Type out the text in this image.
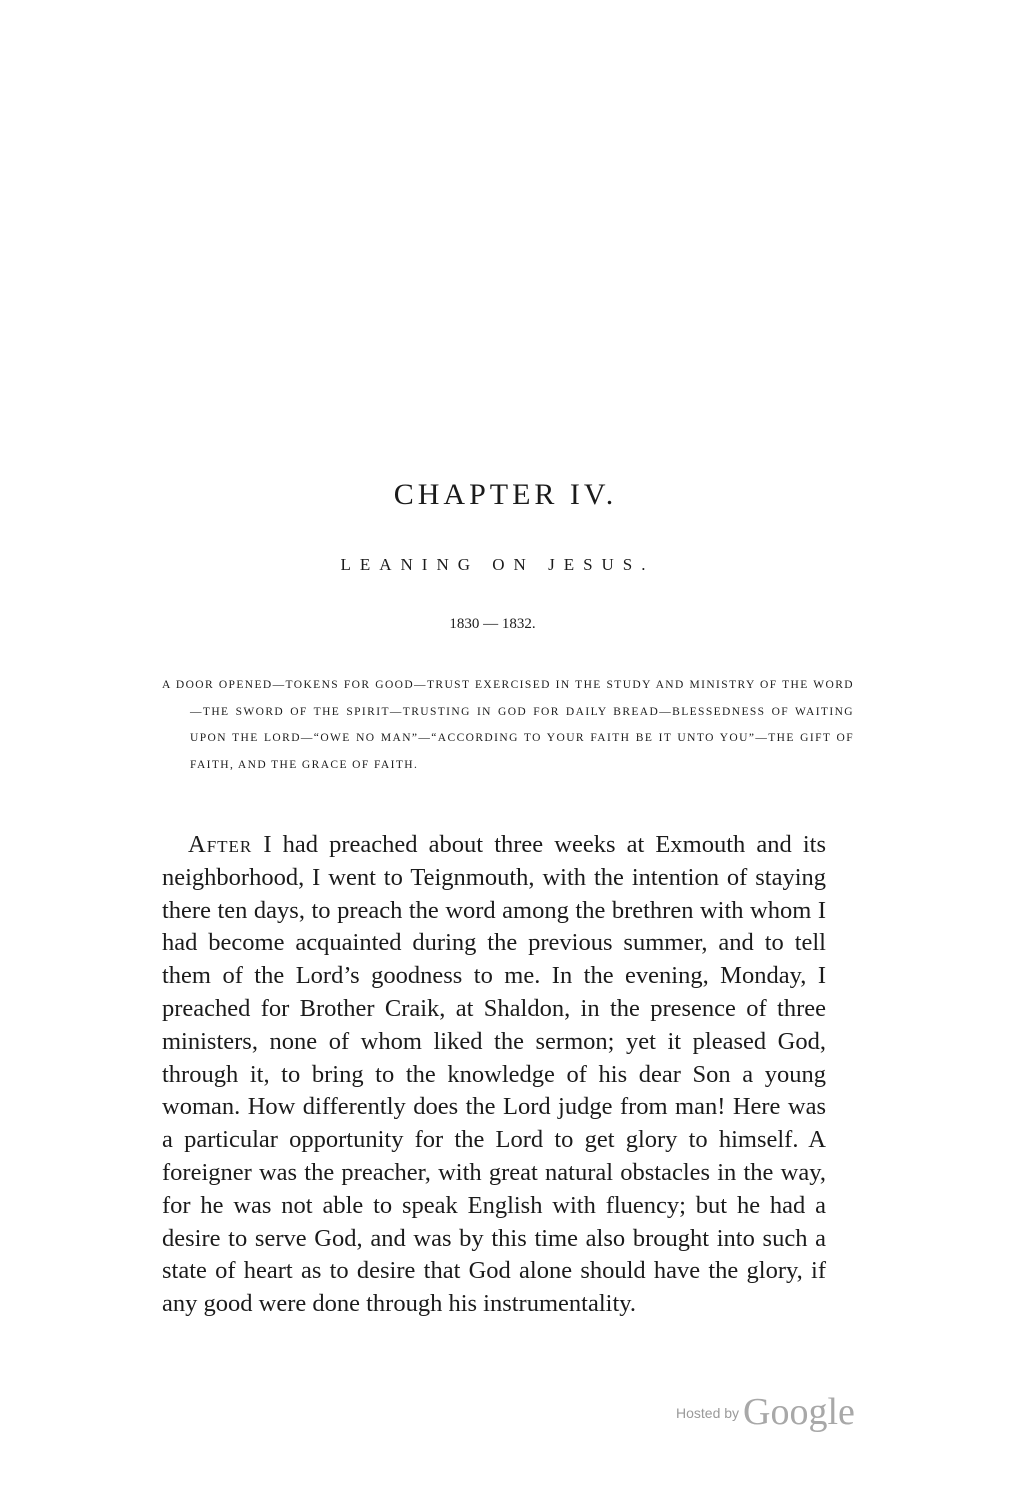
CHAPTER IV.
LEANING ON JESUS.

1830 — 1832.

A DOOR OPENED—TOKENS FOR GOOD—TRUST EXERCISED IN THE STUDY AND MINISTRY OF THE WORD—THE SWORD OF THE SPIRIT—TRUSTING IN GOD FOR DAILY BREAD—BLESSEDNESS OF WAITING UPON THE LORD—“OWE NO MAN”—“ACCORDING TO YOUR FAITH BE IT UNTO YOU”—THE GIFT OF FAITH, AND THE GRACE OF FAITH.

After I had preached about three weeks at Exmouth and its neighborhood, I went to Teignmouth, with the intention of staying there ten days, to preach the word among the brethren with whom I had become acquainted during the previous summer, and to tell them of the Lord’s goodness to me. In the evening, Monday, I preached for Brother Craik, at Shaldon, in the presence of three ministers, none of whom liked the sermon; yet it pleased God, through it, to bring to the knowledge of his dear Son a young woman. How differently does the Lord judge from man! Here was a particular opportunity for the Lord to get glory to himself. A foreigner was the preacher, with great natural obstacles in the way, for he was not able to speak English with fluency; but he had a desire to serve God, and was by this time also brought into such a state of heart as to desire that God alone should have the glory, if any good were done through his instrumentality.

Hosted by Google
